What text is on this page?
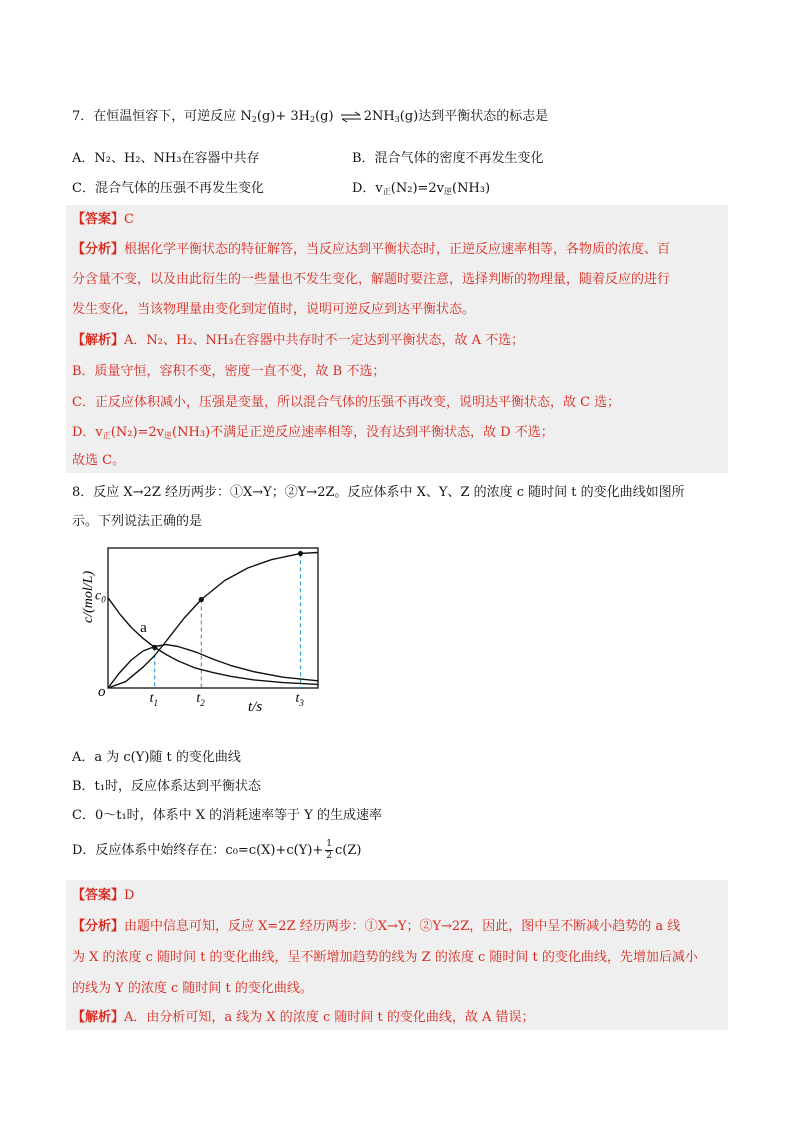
7．在恒温恒容下，可逆反应 $N_2(g)+ 3H_2(g)$ ⇌ $2NH_3(g)$达到平衡状态的标志是
A．N₂、H₂、NH₃在容器中共存	B．混合气体的密度不再发生变化
C．混合气体的压强不再发生变化	D．$v_正(N_2)=2v_逆(NH_3)$
【答案】C
【分析】根据化学平衡状态的特征解答，当反应达到平衡状态时，正逆反应速率相等，各物质的浓度、百
分含量不变，以及由此衍生的一些量也不发生变化，解题时要注意，选择判断的物理量，随着反应的进行
发生变化，当该物理量由变化到定值时，说明可逆反应到达平衡状态。
【解析】A．N₂、H₂、NH₃在容器中共存时不一定达到平衡状态，故 A 不选；
B．质量守恒，容积不变，密度一直不变，故 B 不选；
C．正反应体积减小，压强是变量，所以混合气体的压强不再改变，说明达平衡状态，故 C 选；
D．$v_正(N_2)=2v_逆(NH_3)$不满足正逆反应速率相等，没有达到平衡状态，故 D 不选；
故选 C。
8．反应 X→2Z 经历两步：①X→Y；②Y→2Z。反应体系中 X、Y、Z 的浓度 c 随时间 t 的变化曲线如图所
示。下列说法正确的是
a
o
c/(mol/L) $c_0$
$t_1$	$t_2$	$t_3$
t/s
A．a 为 c(Y)随 t 的变化曲线
B．t₁时，反应体系达到平衡状态
C．0～t₁时，体系中 X 的消耗速率等于 Y 的生成速率
D．反应体系中始终存在：$c_0=c(X)+c(Y)+ \frac{1}{2} c(Z)$
【答案】D
【分析】由题中信息可知，反应 X=2Z 经历两步：①X→Y；②Y→2Z，因此，图中呈不断减小趋势的 a 线
为 X 的浓度 c 随时间 t 的变化曲线，呈不断增加趋势的线为 Z 的浓度 c 随时间 t 的变化曲线，先增加后减小
的线为 Y 的浓度 c 随时间 t 的变化曲线。
【解析】A．由分析可知，a 线为 X 的浓度 c 随时间 t 的变化曲线，故 A 错误；
